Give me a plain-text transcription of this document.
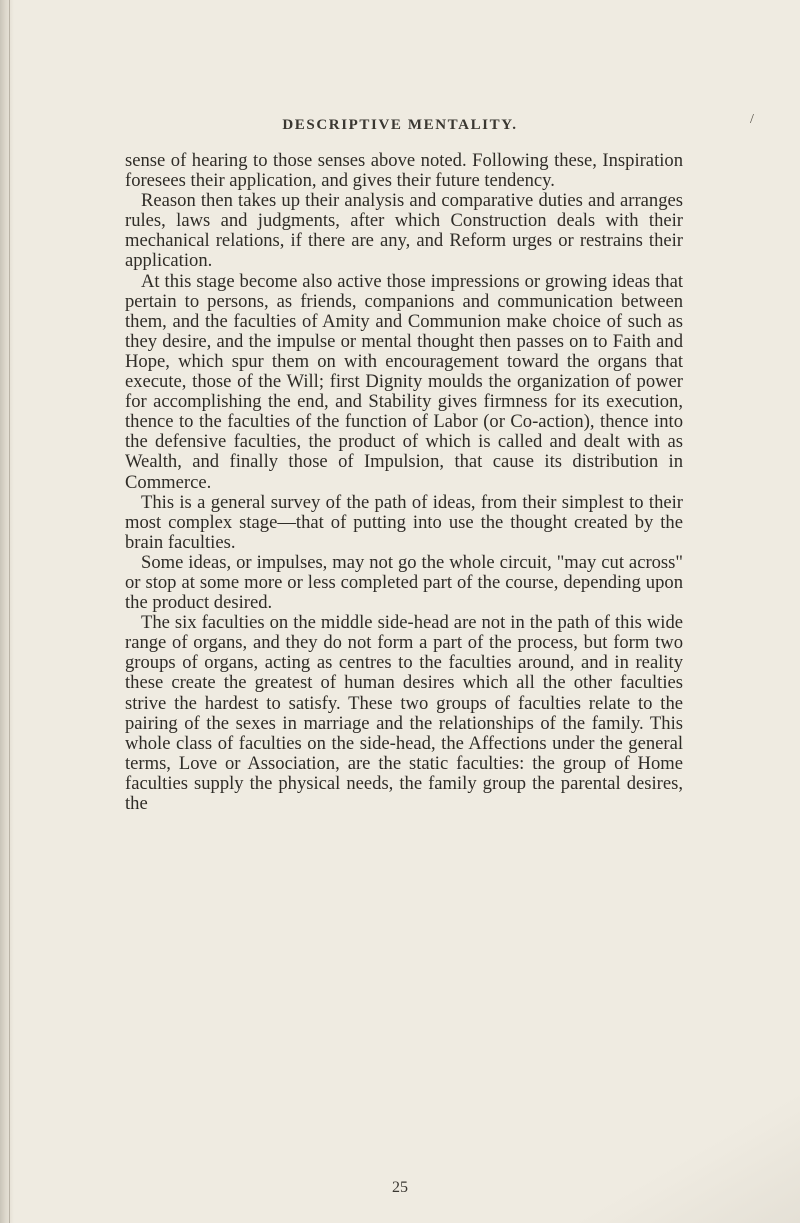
DESCRIPTIVE MENTALITY.	/

sense of hearing to those senses above noted. Following these, Inspiration foresees their application, and gives their future tendency.

Reason then takes up their analysis and comparative duties and arranges rules, laws and judgments, after which Construction deals with their mechanical relations, if there are any, and Reform urges or restrains their application.

At this stage become also active those impressions or growing ideas that pertain to persons, as friends, companions and communication between them, and the faculties of Amity and Communion make choice of such as they desire, and the impulse or mental thought then passes on to Faith and Hope, which spur them on with encouragement toward the organs that execute, those of the Will; first Dignity moulds the organization of power for accomplishing the end, and Stability gives firmness for its execution, thence to the faculties of the function of Labor (or Co-action), thence into the defensive faculties, the product of which is called and dealt with as Wealth, and finally those of Impulsion, that cause its distribution in Commerce.

This is a general survey of the path of ideas, from their simplest to their most complex stage—that of putting into use the thought created by the brain faculties.

Some ideas, or impulses, may not go the whole circuit, "may cut across" or stop at some more or less completed part of the course, depending upon the product desired.

The six faculties on the middle side-head are not in the path of this wide range of organs, and they do not form a part of the process, but form two groups of organs, acting as centres to the faculties around, and in reality these create the greatest of human desires which all the other faculties strive the hardest to satisfy. These two groups of faculties relate to the pairing of the sexes in marriage and the relationships of the family. This whole class of faculties on the side-head, the Affections under the general terms, Love or Association, are the static faculties: the group of Home faculties supply the physical needs, the family group the parental desires, the

25
